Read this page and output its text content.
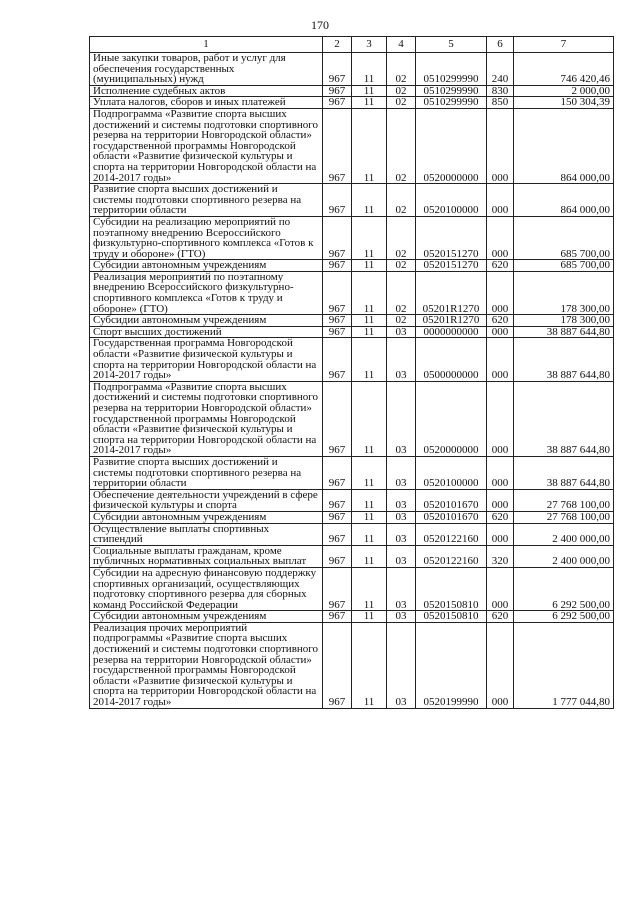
170
1	2	3	4	5	6	7
Иные закупки товаров, работ и услуг для обеспечения государственных (муниципальных) нужд	967	11	02	0510299990	240	746 420,46
Исполнение судебных актов	967	11	02	0510299990	830	2 000,00
Уплата налогов, сборов и иных платежей	967	11	02	0510299990	850	150 304,39
Подпрограмма «Развитие спорта высших достижений и системы подготовки спортивного резерва на территории Новгородской области» государственной программы Новгородской области «Развитие физической культуры и спорта на территории Новгородской области на 2014-2017 годы»	967	11	02	0520000000	000	864 000,00
Развитие спорта высших достижений и системы подготовки спортивного резерва на территории области	967	11	02	0520100000	000	864 000,00
Субсидии на реализацию мероприятий по поэтапному внедрению Всероссийского физкультурно-спортивного комплекса «Готов к труду и обороне» (ГТО)	967	11	02	0520151270	000	685 700,00
Субсидии автономным учреждениям	967	11	02	0520151270	620	685 700,00
Реализация мероприятий по поэтапному внедрению Всероссийского физкультурно-спортивного комплекса «Готов к труду и обороне» (ГТО)	967	11	02	05201R1270	000	178 300,00
Субсидии автономным учреждениям	967	11	02	05201R1270	620	178 300,00
Спорт высших достижений	967	11	03	0000000000	000	38 887 644,80
Государственная программа Новгородской области «Развитие физической культуры и спорта на территории Новгородской области на 2014-2017 годы»	967	11	03	0500000000	000	38 887 644,80
Подпрограмма «Развитие спорта высших достижений и системы подготовки спортивного резерва на территории Новгородской области» государственной программы Новгородской области «Развитие физической культуры и спорта на территории Новгородской области на 2014-2017 годы»	967	11	03	0520000000	000	38 887 644,80
Развитие спорта высших достижений и системы подготовки спортивного резерва на территории области	967	11	03	0520100000	000	38 887 644,80
Обеспечение деятельности учреждений в сфере физической культуры и спорта	967	11	03	0520101670	000	27 768 100,00
Субсидии автономным учреждениям	967	11	03	0520101670	620	27 768 100,00
Осуществление выплаты спортивных стипендий	967	11	03	0520122160	000	2 400 000,00
Социальные выплаты гражданам, кроме публичных нормативных социальных выплат	967	11	03	0520122160	320	2 400 000,00
Субсидии на адресную финансовую поддержку спортивных организаций, осуществляющих подготовку спортивного резерва для сборных команд Российской Федерации	967	11	03	0520150810	000	6 292 500,00
Субсидии автономным учреждениям	967	11	03	0520150810	620	6 292 500,00
Реализация прочих мероприятий подпрограммы «Развитие спорта высших достижений и системы подготовки спортивного резерва на территории Новгородской области» государственной программы Новгородской области «Развитие физической культуры и спорта на территории Новгородской области на 2014-2017 годы»	967	11	03	0520199990	000	1 777 044,80
